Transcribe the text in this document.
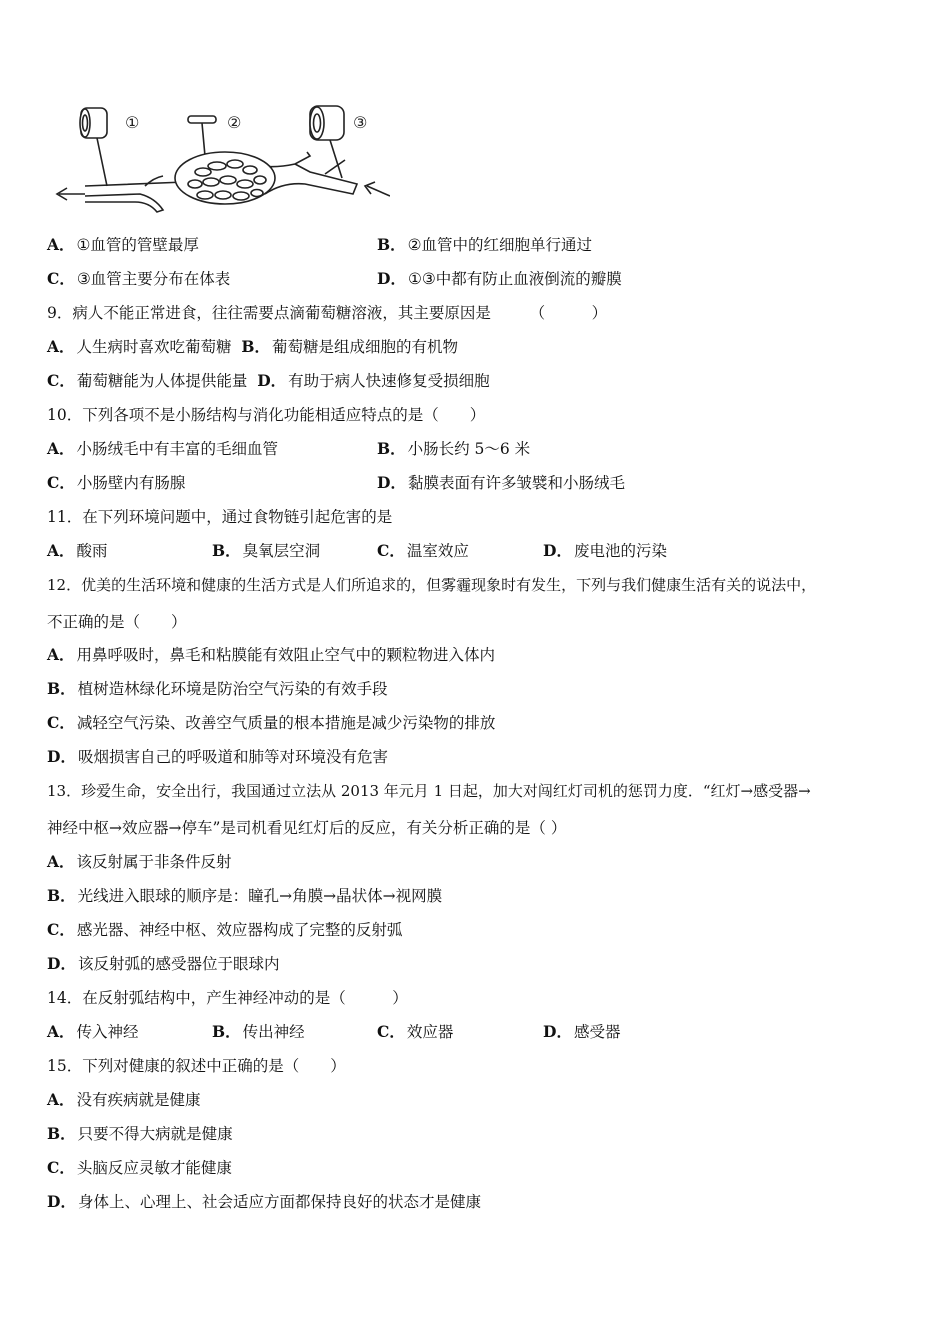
①	②	③
A． ①血管的管壁最厚	B． ②血管中的红细胞单行通过
C． ③血管主要分布在体表	D． ①③中都有防止血液倒流的瓣膜
9．病人不能正常进食，往往需要点滴葡萄糖溶液，其主要原因是　　　（　　　）
A． 人生病时喜欢吃葡萄糖 B． 葡萄糖是组成细胞的有机物
C． 葡萄糖能为人体提供能量 D． 有助于病人快速修复受损细胞
10．下列各项不是小肠结构与消化功能相适应特点的是（　　）
A． 小肠绒毛中有丰富的毛细血管	B． 小肠长约 5～6 米
C． 小肠壁内有肠腺	D． 黏膜表面有许多皱襞和小肠绒毛
11．在下列环境问题中，通过食物链引起危害的是
A． 酸雨	B． 臭氧层空洞	C． 温室效应	D． 废电池的污染
12．优美的生活环境和健康的生活方式是人们所追求的，但雾霾现象时有发生，下列与我们健康生活有关的说法中，
不正确的是（　　）
A． 用鼻呼吸时，鼻毛和粘膜能有效阻止空气中的颗粒物进入体内
B． 植树造林绿化环境是防治空气污染的有效手段
C． 减轻空气污染、改善空气质量的根本措施是减少污染物的排放
D． 吸烟损害自己的呼吸道和肺等对环境没有危害
13．珍爱生命，安全出行，我国通过立法从 2013 年元月 1 日起，加大对闯红灯司机的惩罚力度．“红灯→感受器→
神经中枢→效应器→停车”是司机看见红灯后的反应，有关分析正确的是（ ）
A． 该反射属于非条件反射
B． 光线进入眼球的顺序是：瞳孔→角膜→晶状体→视网膜
C． 感光器、神经中枢、效应器构成了完整的反射弧
D． 该反射弧的感受器位于眼球内
14．在反射弧结构中，产生神经冲动的是（　　　）
A． 传入神经	B． 传出神经	C． 效应器	D． 感受器
15．下列对健康的叙述中正确的是（　　）
A． 没有疾病就是健康
B． 只要不得大病就是健康
C． 头脑反应灵敏才能健康
D． 身体上、心理上、社会适应方面都保持良好的状态才是健康
